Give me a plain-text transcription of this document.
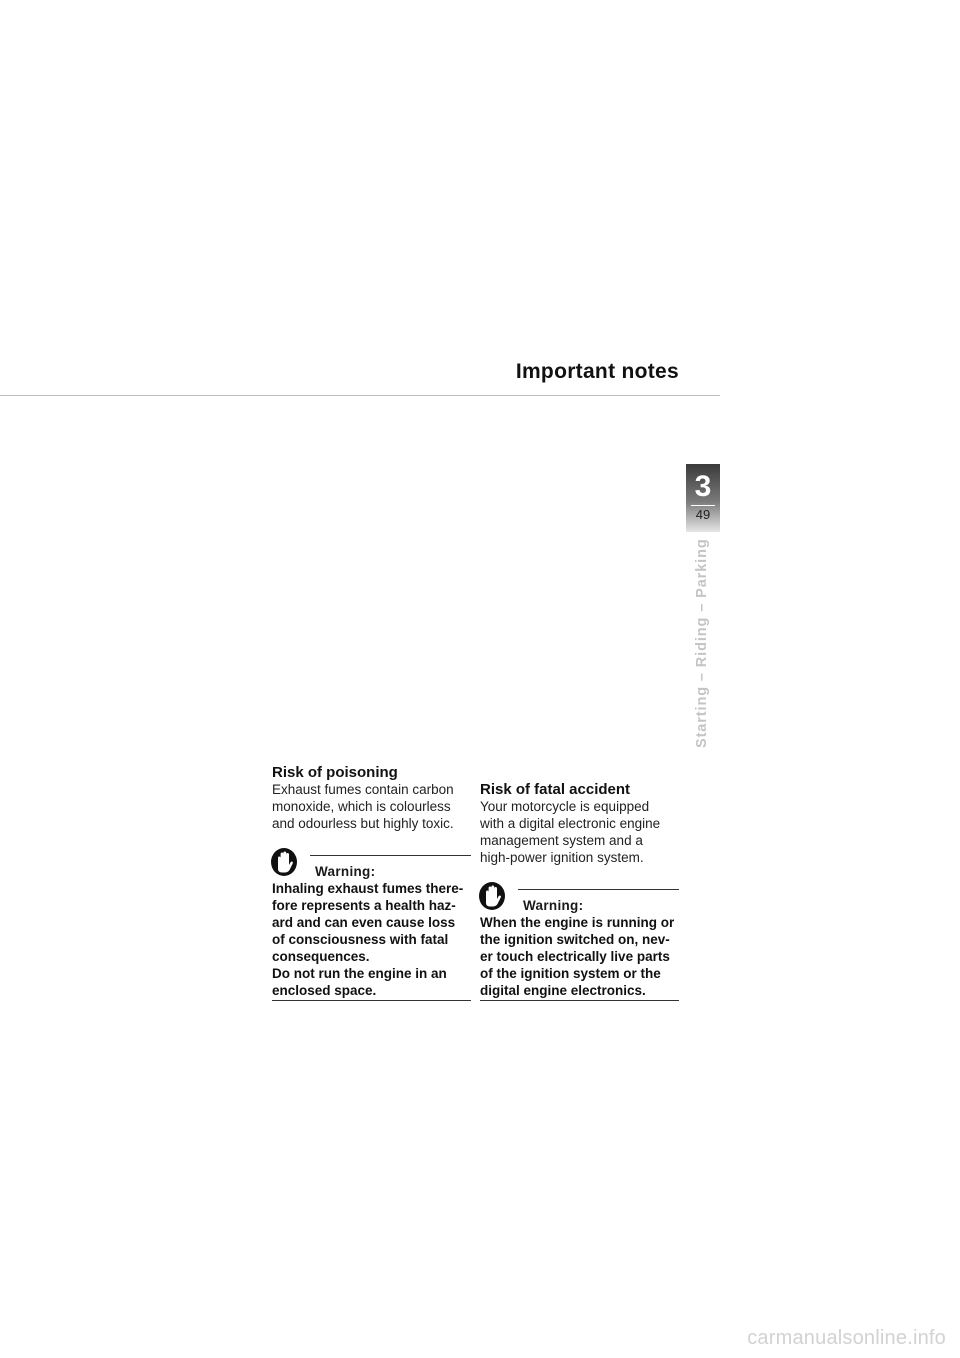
Important notes
3
49
Starting – Riding – Parking
Risk of poisoning
Exhaust fumes contain carbon
monoxide, which is colourless
and odourless but highly toxic.
Warning:
Inhaling exhaust fumes there-
fore represents a health haz-
ard and can even cause loss
of consciousness with fatal
consequences.
Do not run the engine in an
enclosed space.
Risk of fatal accident
Your motorcycle is equipped
with a digital electronic engine
management system and a
high-power ignition system.
Warning:
When the engine is running or
the ignition switched on, nev-
er touch electrically live parts
of the ignition system or the
digital engine electronics.
carmanualsonline.info
